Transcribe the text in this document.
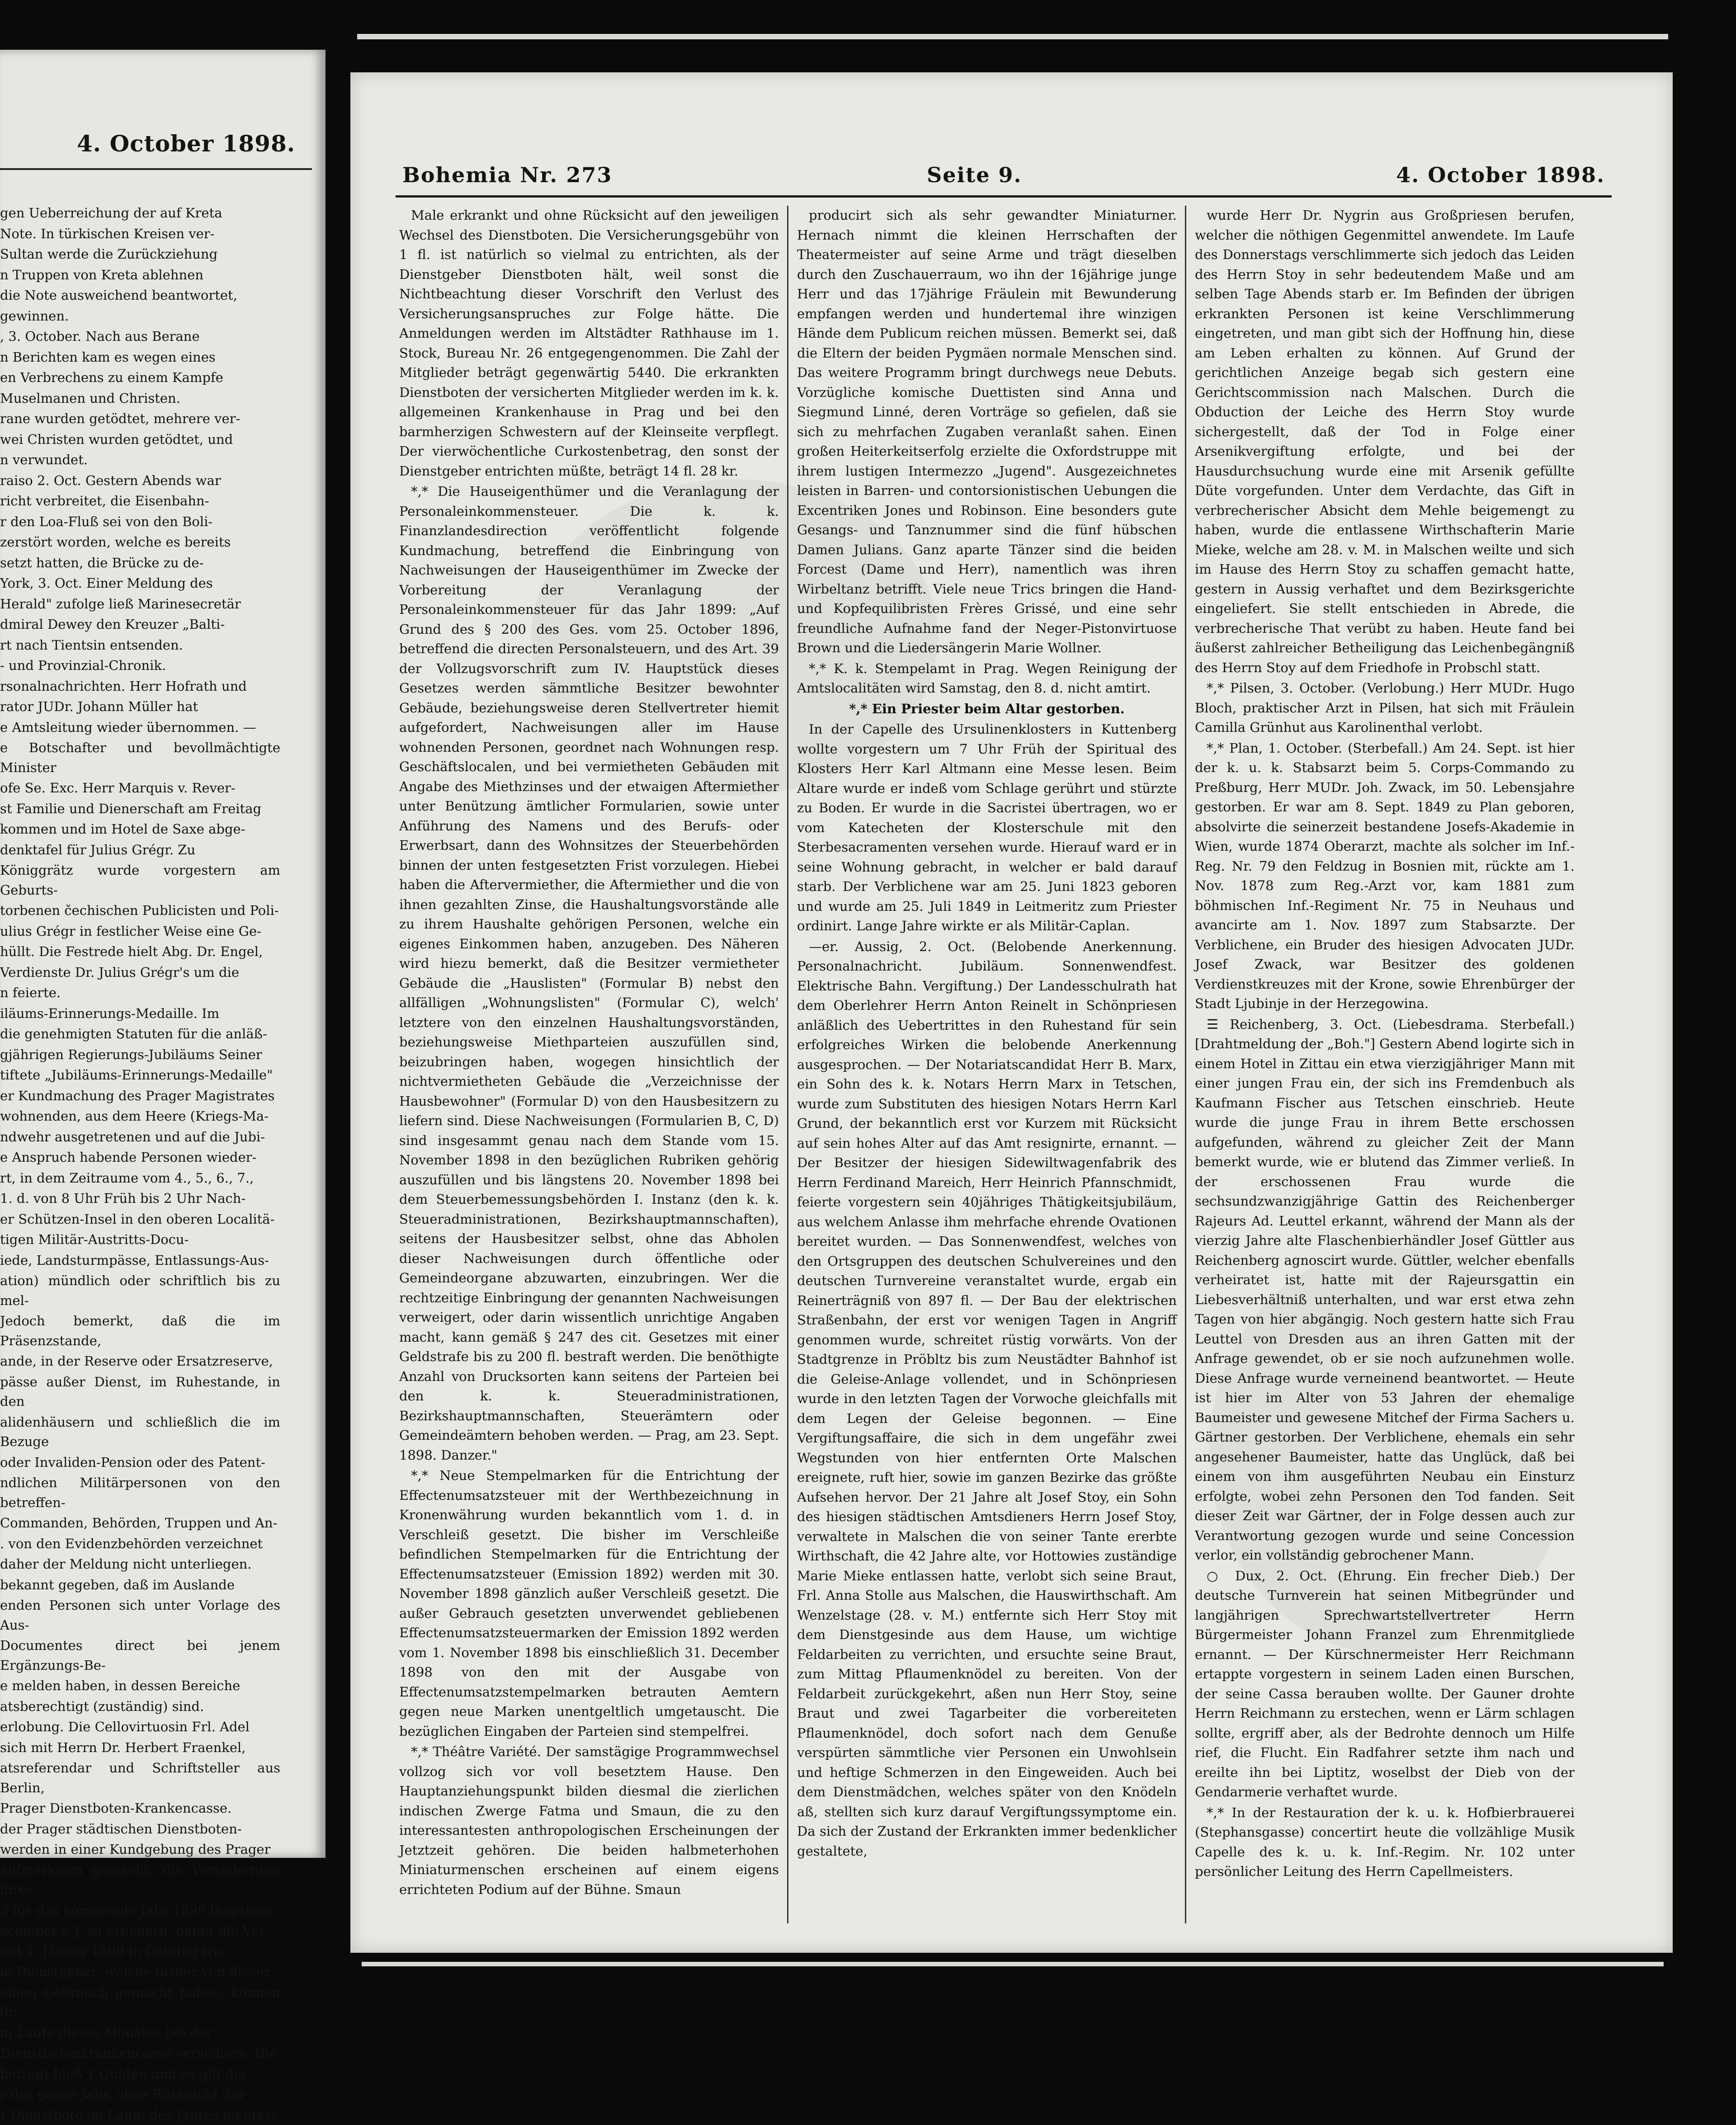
4. October 1898.

gen Ueberreichung der auf Kreta

Note. In türkischen Kreisen ver-

Sultan werde die Zurückziehung

n Truppen von Kreta ablehnen

die Note ausweichend beantwortet,

gewinnen.

, 3. October. Nach aus Berane

n Berichten kam es wegen eines

en Verbrechens zu einem Kampfe

Muselmanen und Christen.

rane wurden getödtet, mehrere ver-

wei Christen wurden getödtet, und

n verwundet.

raiso 2. Oct. Gestern Abends war

richt verbreitet, die Eisenbahn-

r den Loa-Fluß sei von den Boli-

zerstört worden, welche es bereits

setzt hatten, die Brücke zu de-

York, 3. Oct. Einer Meldung des

Herald" zufolge ließ Marinesecretär

dmiral Dewey den Kreuzer „Balti-

rt nach Tientsin entsenden.

- und Provinzial-Chronik.

rsonalnachrichten. Herr Hofrath und

rator JUDr. Johann Müller hat

e Amtsleitung wieder übernommen. —

e Botschafter und bevollmächtigte Minister

ofe Se. Exc. Herr Marquis v. Rever-

st Familie und Dienerschaft am Freitag

kommen und im Hotel de Saxe abge-

denktafel für Julius Grégr. Zu

Königgrätz wurde vorgestern am Geburts-

torbenen čechischen Publicisten und Poli-

ulius Grégr in festlicher Weise eine Ge-

hüllt. Die Festrede hielt Abg. Dr. Engel,

Verdienste Dr. Julius Grégr's um die

n feierte.

iläums-Erinnerungs-Medaille. Im

die genehmigten Statuten für die anläß-

gjährigen Regierungs-Jubiläums Seiner

tiftete „Jubiläums-Erinnerungs-Medaille"

er Kundmachung des Prager Magistrates

wohnenden, aus dem Heere (Kriegs-Ma-

ndwehr ausgetretenen und auf die Jubi-

e Anspruch habende Personen wieder-

rt, in dem Zeitraume vom 4., 5., 6., 7.,

1. d. von 8 Uhr Früh bis 2 Uhr Nach-

er Schützen-Insel in den oberen Localitä-

tigen Militär-Austritts-Docu-

iede, Landsturmpässe, Entlassungs-Aus-

ation) mündlich oder schriftlich bis zu mel-

Jedoch bemerkt, daß die im Präsenzstande,

ande, in der Reserve oder Ersatzreserve,

pässe außer Dienst, im Ruhestande, in den

alidenhäusern und schließlich die im Bezuge

oder Invaliden-Pension oder des Patent-

ndlichen Militärpersonen von den betreffen-

Commanden, Behörden, Truppen und An-

. von den Evidenzbehörden verzeichnet

daher der Meldung nicht unterliegen.

bekannt gegeben, daß im Auslande

enden Personen sich unter Vorlage des Aus-

Documentes direct bei jenem Ergänzungs-Be-

e melden haben, in dessen Bereiche

atsberechtigt (zuständig) sind.

erlobung. Die Cellovirtuosin Frl. Adel

sich mit Herrn Dr. Herbert Fraenkel,

atsreferendar und Schriftsteller aus Berlin,

Prager Dienstboten-Krankencasse.

der Prager städtischen Dienstboten-

werden in einer Kundgebung des Prager

aufmerksam gemacht, die Versicherung ihres

3 für das kommende Jahr 1899 längstens

ecember l. J. zu erneuern, damit die Ver-

mit 1. Jänner 1899 in Geltung tre-

ie Dienstgeber, welche bisher von dieser

einen Gebrauch gemacht haben, können ihr

m Laufe dieses Monates bei der

Dienstbotenkrankencasse versichern. Die

beträgt bloß 1 Gulden und es gilt die

r das ganze Jahr, ohne Rücksicht dar-

r Dienstbote im Laufe des Jahres mehrere

Bohemia Nr. 273	Seite 9.	4. October 1898.

Male erkrankt und ohne Rücksicht auf den jeweiligen Wechsel des Dienstboten. Die Versicherungsgebühr von 1 fl. ist natürlich so vielmal zu entrichten, als der Dienstgeber Dienstboten hält, weil sonst die Nichtbeachtung dieser Vorschrift den Verlust des Versicherungsanspruches zur Folge hätte. Die Anmeldungen werden im Altstädter Rathhause im 1. Stock, Bureau Nr. 26 entgegengenommen. Die Zahl der Mitglieder beträgt gegenwärtig 5440. Die erkrankten Dienstboten der versicherten Mitglieder werden im k. k. allgemeinen Krankenhause in Prag und bei den barmherzigen Schwestern auf der Kleinseite verpflegt. Der vierwöchentliche Curkostenbetrag, den sonst der Dienstgeber entrichten müßte, beträgt 14 fl. 28 kr.

*,* Die Hauseigenthümer und die Veranlagung der Personaleinkommensteuer. Die k. k. Finanzlandesdirection veröffentlicht folgende Kundmachung, betreffend die Einbringung von Nachweisungen der Hauseigenthümer im Zwecke der Vorbereitung der Veranlagung der Personaleinkommensteuer für das Jahr 1899: „Auf Grund des § 200 des Ges. vom 25. October 1896, betreffend die directen Personalsteuern, und des Art. 39 der Vollzugsvorschrift zum IV. Hauptstück dieses Gesetzes werden sämmtliche Besitzer bewohnter Gebäude, beziehungsweise deren Stellvertreter hiemit aufgefordert, Nachweisungen aller im Hause wohnenden Personen, geordnet nach Wohnungen resp. Geschäftslocalen, und bei vermietheten Gebäuden mit Angabe des Miethzinses und der etwaigen Aftermiether unter Benützung ämtlicher Formularien, sowie unter Anführung des Namens und des Berufs- oder Erwerbsart, dann des Wohnsitzes der Steuerbehörden binnen der unten festgesetzten Frist vorzulegen. Hiebei haben die Aftervermiether, die Aftermiether und die von ihnen gezahlten Zinse, die Haushaltungsvorstände alle zu ihrem Haushalte gehörigen Personen, welche ein eigenes Einkommen haben, anzugeben. Des Näheren wird hiezu bemerkt, daß die Besitzer vermietheter Gebäude die „Hauslisten" (Formular B) nebst den allfälligen „Wohnungslisten" (Formular C), welch' letztere von den einzelnen Haushaltungsvorständen, beziehungsweise Miethparteien auszufüllen sind, beizubringen haben, wogegen hinsichtlich der nichtvermietheten Gebäude die „Verzeichnisse der Hausbewohner" (Formular D) von den Hausbesitzern zu liefern sind. Diese Nachweisungen (Formularien B, C, D) sind insgesammt genau nach dem Stande vom 15. November 1898 in den bezüglichen Rubriken gehörig auszufüllen und bis längstens 20. November 1898 bei dem Steuerbemessungsbehörden I. Instanz (den k. k. Steueradministrationen, Bezirkshauptmannschaften), seitens der Hausbesitzer selbst, ohne das Abholen dieser Nachweisungen durch öffentliche oder Gemeindeorgane abzuwarten, einzubringen. Wer die rechtzeitige Einbringung der genannten Nachweisungen verweigert, oder darin wissentlich unrichtige Angaben macht, kann gemäß § 247 des cit. Gesetzes mit einer Geldstrafe bis zu 200 fl. bestraft werden. Die benöthigte Anzahl von Drucksorten kann seitens der Parteien bei den k. k. Steueradministrationen, Bezirkshauptmannschaften, Steuerämtern oder Gemeindeämtern behoben werden. — Prag, am 23. Sept. 1898. Danzer."

*,* Neue Stempelmarken für die Entrichtung der Effectenumsatzsteuer mit der Werthbezeichnung in Kronenwährung wurden bekanntlich vom 1. d. in Verschleiß gesetzt. Die bisher im Verschleiße befindlichen Stempelmarken für die Entrichtung der Effectenumsatzsteuer (Emission 1892) werden mit 30. November 1898 gänzlich außer Verschleiß gesetzt. Die außer Gebrauch gesetzten unverwendet gebliebenen Effectenumsatzsteuermarken der Emission 1892 werden vom 1. November 1898 bis einschließlich 31. December 1898 von den mit der Ausgabe von Effectenumsatzstempelmarken betrauten Aemtern gegen neue Marken unentgeltlich umgetauscht. Die bezüglichen Eingaben der Parteien sind stempelfrei.

*,* Théâtre Variété. Der samstägige Programmwechsel vollzog sich vor voll besetztem Hause. Den Hauptanziehungspunkt bilden diesmal die zierlichen indischen Zwerge Fatma und Smaun, die zu den interessantesten anthropologischen Erscheinungen der Jetztzeit gehören. Die beiden halbmeterhohen Miniaturmenschen erscheinen auf einem eigens errichteten Podium auf der Bühne. Smaun

producirt sich als sehr gewandter Miniaturner. Hernach nimmt die kleinen Herrschaften der Theatermeister auf seine Arme und trägt dieselben durch den Zuschauerraum, wo ihn der 16jährige junge Herr und das 17jährige Fräulein mit Bewunderung empfangen werden und hundertemal ihre winzigen Hände dem Publicum reichen müssen. Bemerkt sei, daß die Eltern der beiden Pygmäen normale Menschen sind. Das weitere Programm bringt durchwegs neue Debuts. Vorzügliche komische Duettisten sind Anna und Siegmund Linné, deren Vorträge so gefielen, daß sie sich zu mehrfachen Zugaben veranlaßt sahen. Einen großen Heiterkeitserfolg erzielte die Oxfordstruppe mit ihrem lustigen Intermezzo „Jugend". Ausgezeichnetes leisten in Barren- und contorsionistischen Uebungen die Excentriken Jones und Robinson. Eine besonders gute Gesangs- und Tanznummer sind die fünf hübschen Damen Julians. Ganz aparte Tänzer sind die beiden Forcest (Dame und Herr), namentlich was ihren Wirbeltanz betrifft. Viele neue Trics bringen die Hand- und Kopfequilibristen Frères Grissé, und eine sehr freundliche Aufnahme fand der Neger-Pistonvirtuose Brown und die Liedersängerin Marie Wollner.

*,* K. k. Stempelamt in Prag. Wegen Reinigung der Amtslocalitäten wird Samstag, den 8. d. nicht amtirt.

*,* Ein Priester beim Altar gestorben.

In der Capelle des Ursulinenklosters in Kuttenberg wollte vorgestern um 7 Uhr Früh der Spiritual des Klosters Herr Karl Altmann eine Messe lesen. Beim Altare wurde er indeß vom Schlage gerührt und stürzte zu Boden. Er wurde in die Sacristei übertragen, wo er vom Katecheten der Klosterschule mit den Sterbesacramenten versehen wurde. Hierauf ward er in seine Wohnung gebracht, in welcher er bald darauf starb. Der Verblichene war am 25. Juni 1823 geboren und wurde am 25. Juli 1849 in Leitmeritz zum Priester ordinirt. Lange Jahre wirkte er als Militär-Caplan.

—er. Aussig, 2. Oct. (Belobende Anerkennung. Personalnachricht. Jubiläum. Sonnenwendfest. Elektrische Bahn. Vergiftung.) Der Landesschulrath hat dem Oberlehrer Herrn Anton Reinelt in Schönpriesen anläßlich des Uebertrittes in den Ruhestand für sein erfolgreiches Wirken die belobende Anerkennung ausgesprochen. — Der Notariatscandidat Herr B. Marx, ein Sohn des k. k. Notars Herrn Marx in Tetschen, wurde zum Substituten des hiesigen Notars Herrn Karl Grund, der bekanntlich erst vor Kurzem mit Rücksicht auf sein hohes Alter auf das Amt resignirte, ernannt. — Der Besitzer der hiesigen Sidewiltwagenfabrik des Herrn Ferdinand Mareich, Herr Heinrich Pfannschmidt, feierte vorgestern sein 40jähriges Thätigkeitsjubiläum, aus welchem Anlasse ihm mehrfache ehrende Ovationen bereitet wurden. — Das Sonnenwendfest, welches von den Ortsgruppen des deutschen Schulvereines und den deutschen Turnvereine veranstaltet wurde, ergab ein Reinerträgniß von 897 fl. — Der Bau der elektrischen Straßenbahn, der erst vor wenigen Tagen in Angriff genommen wurde, schreitet rüstig vorwärts. Von der Stadtgrenze in Pröbltz bis zum Neustädter Bahnhof ist die Geleise-Anlage vollendet, und in Schönpriesen wurde in den letzten Tagen der Vorwoche gleichfalls mit dem Legen der Geleise begonnen. — Eine Vergiftungsaffaire, die sich in dem ungefähr zwei Wegstunden von hier entfernten Orte Malschen ereignete, ruft hier, sowie im ganzen Bezirke das größte Aufsehen hervor. Der 21 Jahre alt Josef Stoy, ein Sohn des hiesigen städtischen Amtsdieners Herrn Josef Stoy, verwaltete in Malschen die von seiner Tante ererbte Wirthschaft, die 42 Jahre alte, vor Hottowies zuständige Marie Mieke entlassen hatte, verlobt sich seine Braut, Frl. Anna Stolle aus Malschen, die Hauswirthschaft. Am Wenzelstage (28. v. M.) entfernte sich Herr Stoy mit dem Dienstgesinde aus dem Hause, um wichtige Feldarbeiten zu verrichten, und ersuchte seine Braut, zum Mittag Pflaumenknödel zu bereiten. Von der Feldarbeit zurückgekehrt, aßen nun Herr Stoy, seine Braut und zwei Tagarbeiter die vorbereiteten Pflaumenknödel, doch sofort nach dem Genuße verspürten sämmtliche vier Personen ein Unwohlsein und heftige Schmerzen in den Eingeweiden. Auch bei dem Dienstmädchen, welches später von den Knödeln aß, stellten sich kurz darauf Vergiftungssymptome ein. Da sich der Zustand der Erkrankten immer bedenklicher gestaltete,

wurde Herr Dr. Nygrin aus Großpriesen berufen, welcher die nöthigen Gegenmittel anwendete. Im Laufe des Donnerstags verschlimmerte sich jedoch das Leiden des Herrn Stoy in sehr bedeutendem Maße und am selben Tage Abends starb er. Im Befinden der übrigen erkrankten Personen ist keine Verschlimmerung eingetreten, und man gibt sich der Hoffnung hin, diese am Leben erhalten zu können. Auf Grund der gerichtlichen Anzeige begab sich gestern eine Gerichtscommission nach Malschen. Durch die Obduction der Leiche des Herrn Stoy wurde sichergestellt, daß der Tod in Folge einer Arsenikvergiftung erfolgte, und bei der Hausdurchsuchung wurde eine mit Arsenik gefüllte Düte vorgefunden. Unter dem Verdachte, das Gift in verbrecherischer Absicht dem Mehle beigemengt zu haben, wurde die entlassene Wirthschafterin Marie Mieke, welche am 28. v. M. in Malschen weilte und sich im Hause des Herrn Stoy zu schaffen gemacht hatte, gestern in Aussig verhaftet und dem Bezirksgerichte eingeliefert. Sie stellt entschieden in Abrede, die verbrecherische That verübt zu haben. Heute fand bei äußerst zahlreicher Betheiligung das Leichenbegängniß des Herrn Stoy auf dem Friedhofe in Probschl statt.

*,* Pilsen, 3. October. (Verlobung.) Herr MUDr. Hugo Bloch, praktischer Arzt in Pilsen, hat sich mit Fräulein Camilla Grünhut aus Karolinenthal verlobt.

*,* Plan, 1. October. (Sterbefall.) Am 24. Sept. ist hier der k. u. k. Stabsarzt beim 5. Corps-Commando zu Preßburg, Herr MUDr. Joh. Zwack, im 50. Lebensjahre gestorben. Er war am 8. Sept. 1849 zu Plan geboren, absolvirte die seinerzeit bestandene Josefs-Akademie in Wien, wurde 1874 Oberarzt, machte als solcher im Inf.-Reg. Nr. 79 den Feldzug in Bosnien mit, rückte am 1. Nov. 1878 zum Reg.-Arzt vor, kam 1881 zum böhmischen Inf.-Regiment Nr. 75 in Neuhaus und avancirte am 1. Nov. 1897 zum Stabsarzte. Der Verblichene, ein Bruder des hiesigen Advocaten JUDr. Josef Zwack, war Besitzer des goldenen Verdienstkreuzes mit der Krone, sowie Ehrenbürger der Stadt Ljubinje in der Herzegowina.

☰ Reichenberg, 3. Oct. (Liebesdrama. Sterbefall.) [Drahtmeldung der „Boh."] Gestern Abend logirte sich in einem Hotel in Zittau ein etwa vierzigjähriger Mann mit einer jungen Frau ein, der sich ins Fremdenbuch als Kaufmann Fischer aus Tetschen einschrieb. Heute wurde die junge Frau in ihrem Bette erschossen aufgefunden, während zu gleicher Zeit der Mann bemerkt wurde, wie er blutend das Zimmer verließ. In der erschossenen Frau wurde die sechsundzwanzigjährige Gattin des Reichenberger Rajeurs Ad. Leuttel erkannt, während der Mann als der vierzig Jahre alte Flaschenbierhändler Josef Güttler aus Reichenberg agnoscirt wurde. Güttler, welcher ebenfalls verheiratet ist, hatte mit der Rajeursgattin ein Liebesverhältniß unterhalten, und war erst etwa zehn Tagen von hier abgängig. Noch gestern hatte sich Frau Leuttel von Dresden aus an ihren Gatten mit der Anfrage gewendet, ob er sie noch aufzunehmen wolle. Diese Anfrage wurde verneinend beantwortet. — Heute ist hier im Alter von 53 Jahren der ehemalige Baumeister und gewesene Mitchef der Firma Sachers u. Gärtner gestorben. Der Verblichene, ehemals ein sehr angesehener Baumeister, hatte das Unglück, daß bei einem von ihm ausgeführten Neubau ein Einsturz erfolgte, wobei zehn Personen den Tod fanden. Seit dieser Zeit war Gärtner, der in Folge dessen auch zur Verantwortung gezogen wurde und seine Concession verlor, ein vollständig gebrochener Mann.

○ Dux, 2. Oct. (Ehrung. Ein frecher Dieb.) Der deutsche Turnverein hat seinen Mitbegründer und langjährigen Sprechwartstellvertreter Herrn Bürgermeister Johann Franzel zum Ehrenmitgliede ernannt. — Der Kürschnermeister Herr Reichmann ertappte vorgestern in seinem Laden einen Burschen, der seine Cassa berauben wollte. Der Gauner drohte Herrn Reichmann zu erstechen, wenn er Lärm schlagen sollte, ergriff aber, als der Bedrohte dennoch um Hilfe rief, die Flucht. Ein Radfahrer setzte ihm nach und ereilte ihn bei Liptitz, woselbst der Dieb von der Gendarmerie verhaftet wurde.

*,* In der Restauration der k. u. k. Hofbierbrauerei (Stephansgasse) concertirt heute die vollzählige Musik Capelle des k. u. k. Inf.-Regim. Nr. 102 unter persönlicher Leitung des Herrn Capellmeisters.
